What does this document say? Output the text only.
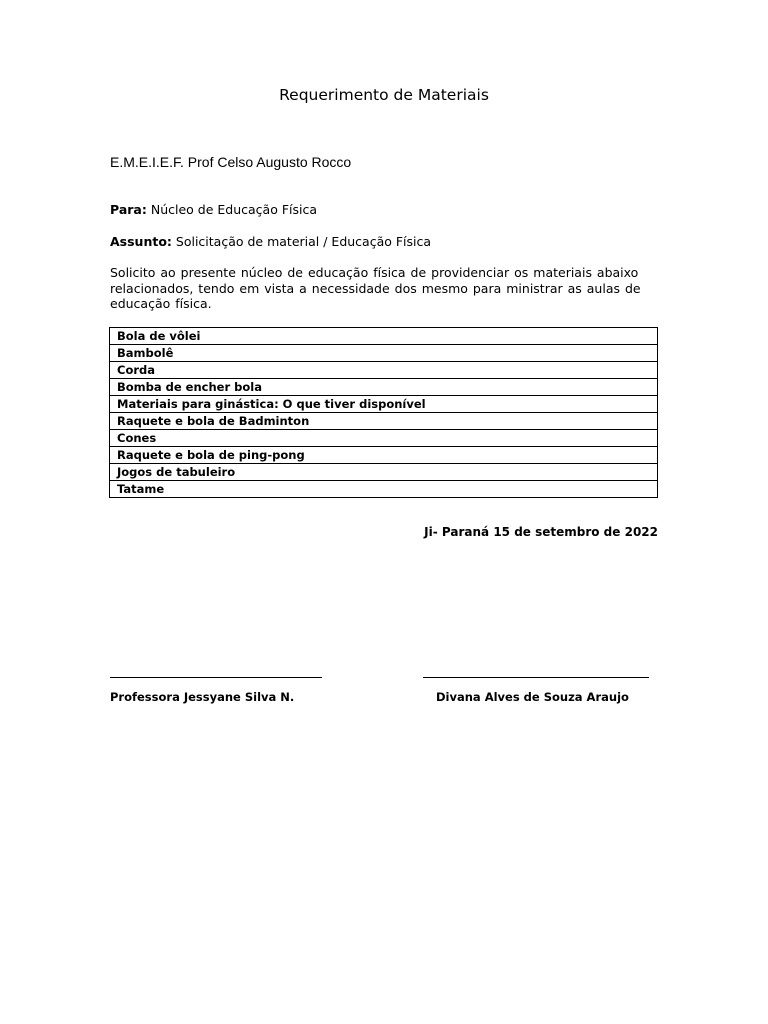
Requerimento de Materiais

E.M.E.I.E.F. Prof Celso Augusto Rocco

Para: Núcleo de Educação Física

Assunto: Solicitação de material / Educação Física

Solicito ao presente núcleo de educação física de providenciar os materiais abaixo relacionados, tendo em vista a necessidade dos mesmo para ministrar as aulas de educação física.

Bola de vôlei
Bambolê
Corda
Bomba de encher bola
Materiais para ginástica: O que tiver disponível
Raquete e bola de Badminton
Cones
Raquete e bola de ping-pong
Jogos de tabuleiro
Tatame

Ji- Paraná 15 de setembro de 2022

Professora Jessyane Silva N.	Divana Alves de Souza Araujo
